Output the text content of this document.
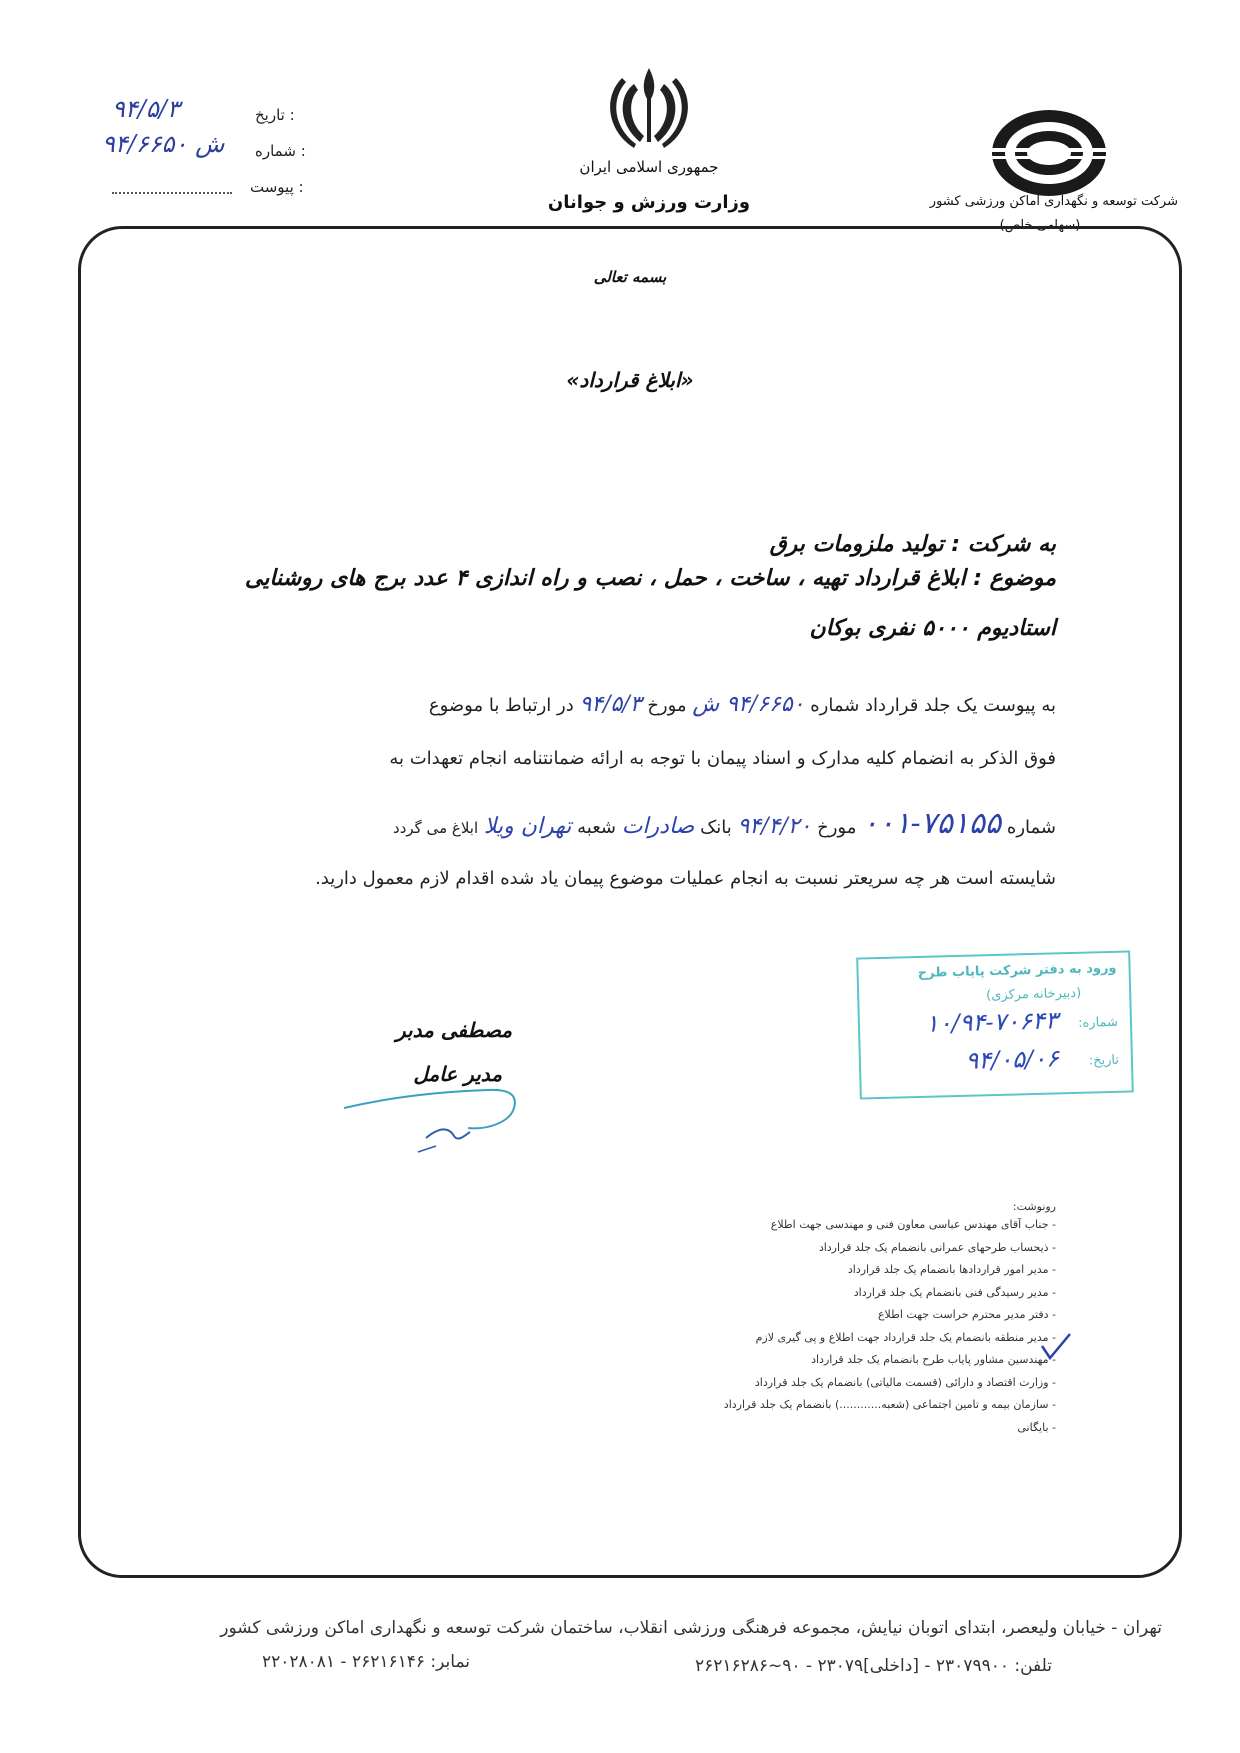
تاریخ :
۹۴/۵/۳
شماره :
۹۴/۶۶۵۰ ش
پیوست :
جمهوری اسلامی ایران
وزارت ورزش و جوانان	شرکت توسعه و نگهداری اماکن ورزشی کشور
(سهامی خاص)
بسمه تعالی
«ابلاغ قرارداد»
به شرکت : تولید ملزومات برق
موضوع : ابلاغ قرارداد تهیه ، ساخت ، حمل ، نصب و راه اندازی ۴ عدد برج های روشنایی
استادیوم ۵۰۰۰ نفری بوکان
به پیوست یک جلد قرارداد شماره ۹۴/۶۶۵۰ ش مورخ ۹۴/۵/۳ در ارتباط با موضوع
فوق الذکر به انضمام کلیه مدارک و اسناد پیمان با توجه به ارائه ضمانتنامه انجام تعهدات به
شماره ۷۵۱۵۵-۰۰۱ مورخ ۹۴/۴/۲۰ بانک صادرات شعبه تهران ویلا ابلاغ می گردد
شایسته است هر چه سریعتر نسبت به انجام عملیات موضوع پیمان یاد شده اقدام لازم معمول دارید.
ورود به دفتر شرکت پایاب طرح
(دبیرخانه مرکزی)
شماره:
۱۰/۹۴-۷۰۶۴۳
تاریخ:
۹۴/۰۵/۰۶
مصطفی مدبر
مدیر عامل
رونوشت:
- جناب آقای مهندس عباسی معاون فنی و مهندسی جهت اطلاع
- ذیحساب طرحهای عمرانی بانضمام یک جلد قرارداد
- مدیر امور قراردادها بانضمام یک جلد قرارداد
- مدیر رسیدگی فنی بانضمام یک جلد قرارداد
- دفتر مدیر محترم حراست جهت اطلاع
- مدیر منطقه بانضمام یک جلد قرارداد جهت اطلاع و پی گیری لازم
- مهندسین مشاور پایاب طرح بانضمام یک جلد قرارداد
- وزارت اقتصاد و دارائی (قسمت مالیاتی) بانضمام یک جلد قرارداد
- سازمان بیمه و تامین اجتماعی (شعبه............) بانضمام یک جلد قرارداد
- بایگانی
تهران - خیابان ولیعصر، ابتدای اتوبان نیایش، مجموعه فرهنگی ورزشی انقلاب، ساختمان شرکت توسعه و نگهداری اماکن ورزشی کشور
تلفن: ۲۳۰۷۹۹۰۰ - [داخلی]۲۳۰۷۹ - ۹۰~۲۶۲۱۶۲۸۶
نمابر: ۲۶۲۱۶۱۴۶ - ۲۲۰۲۸۰۸۱
